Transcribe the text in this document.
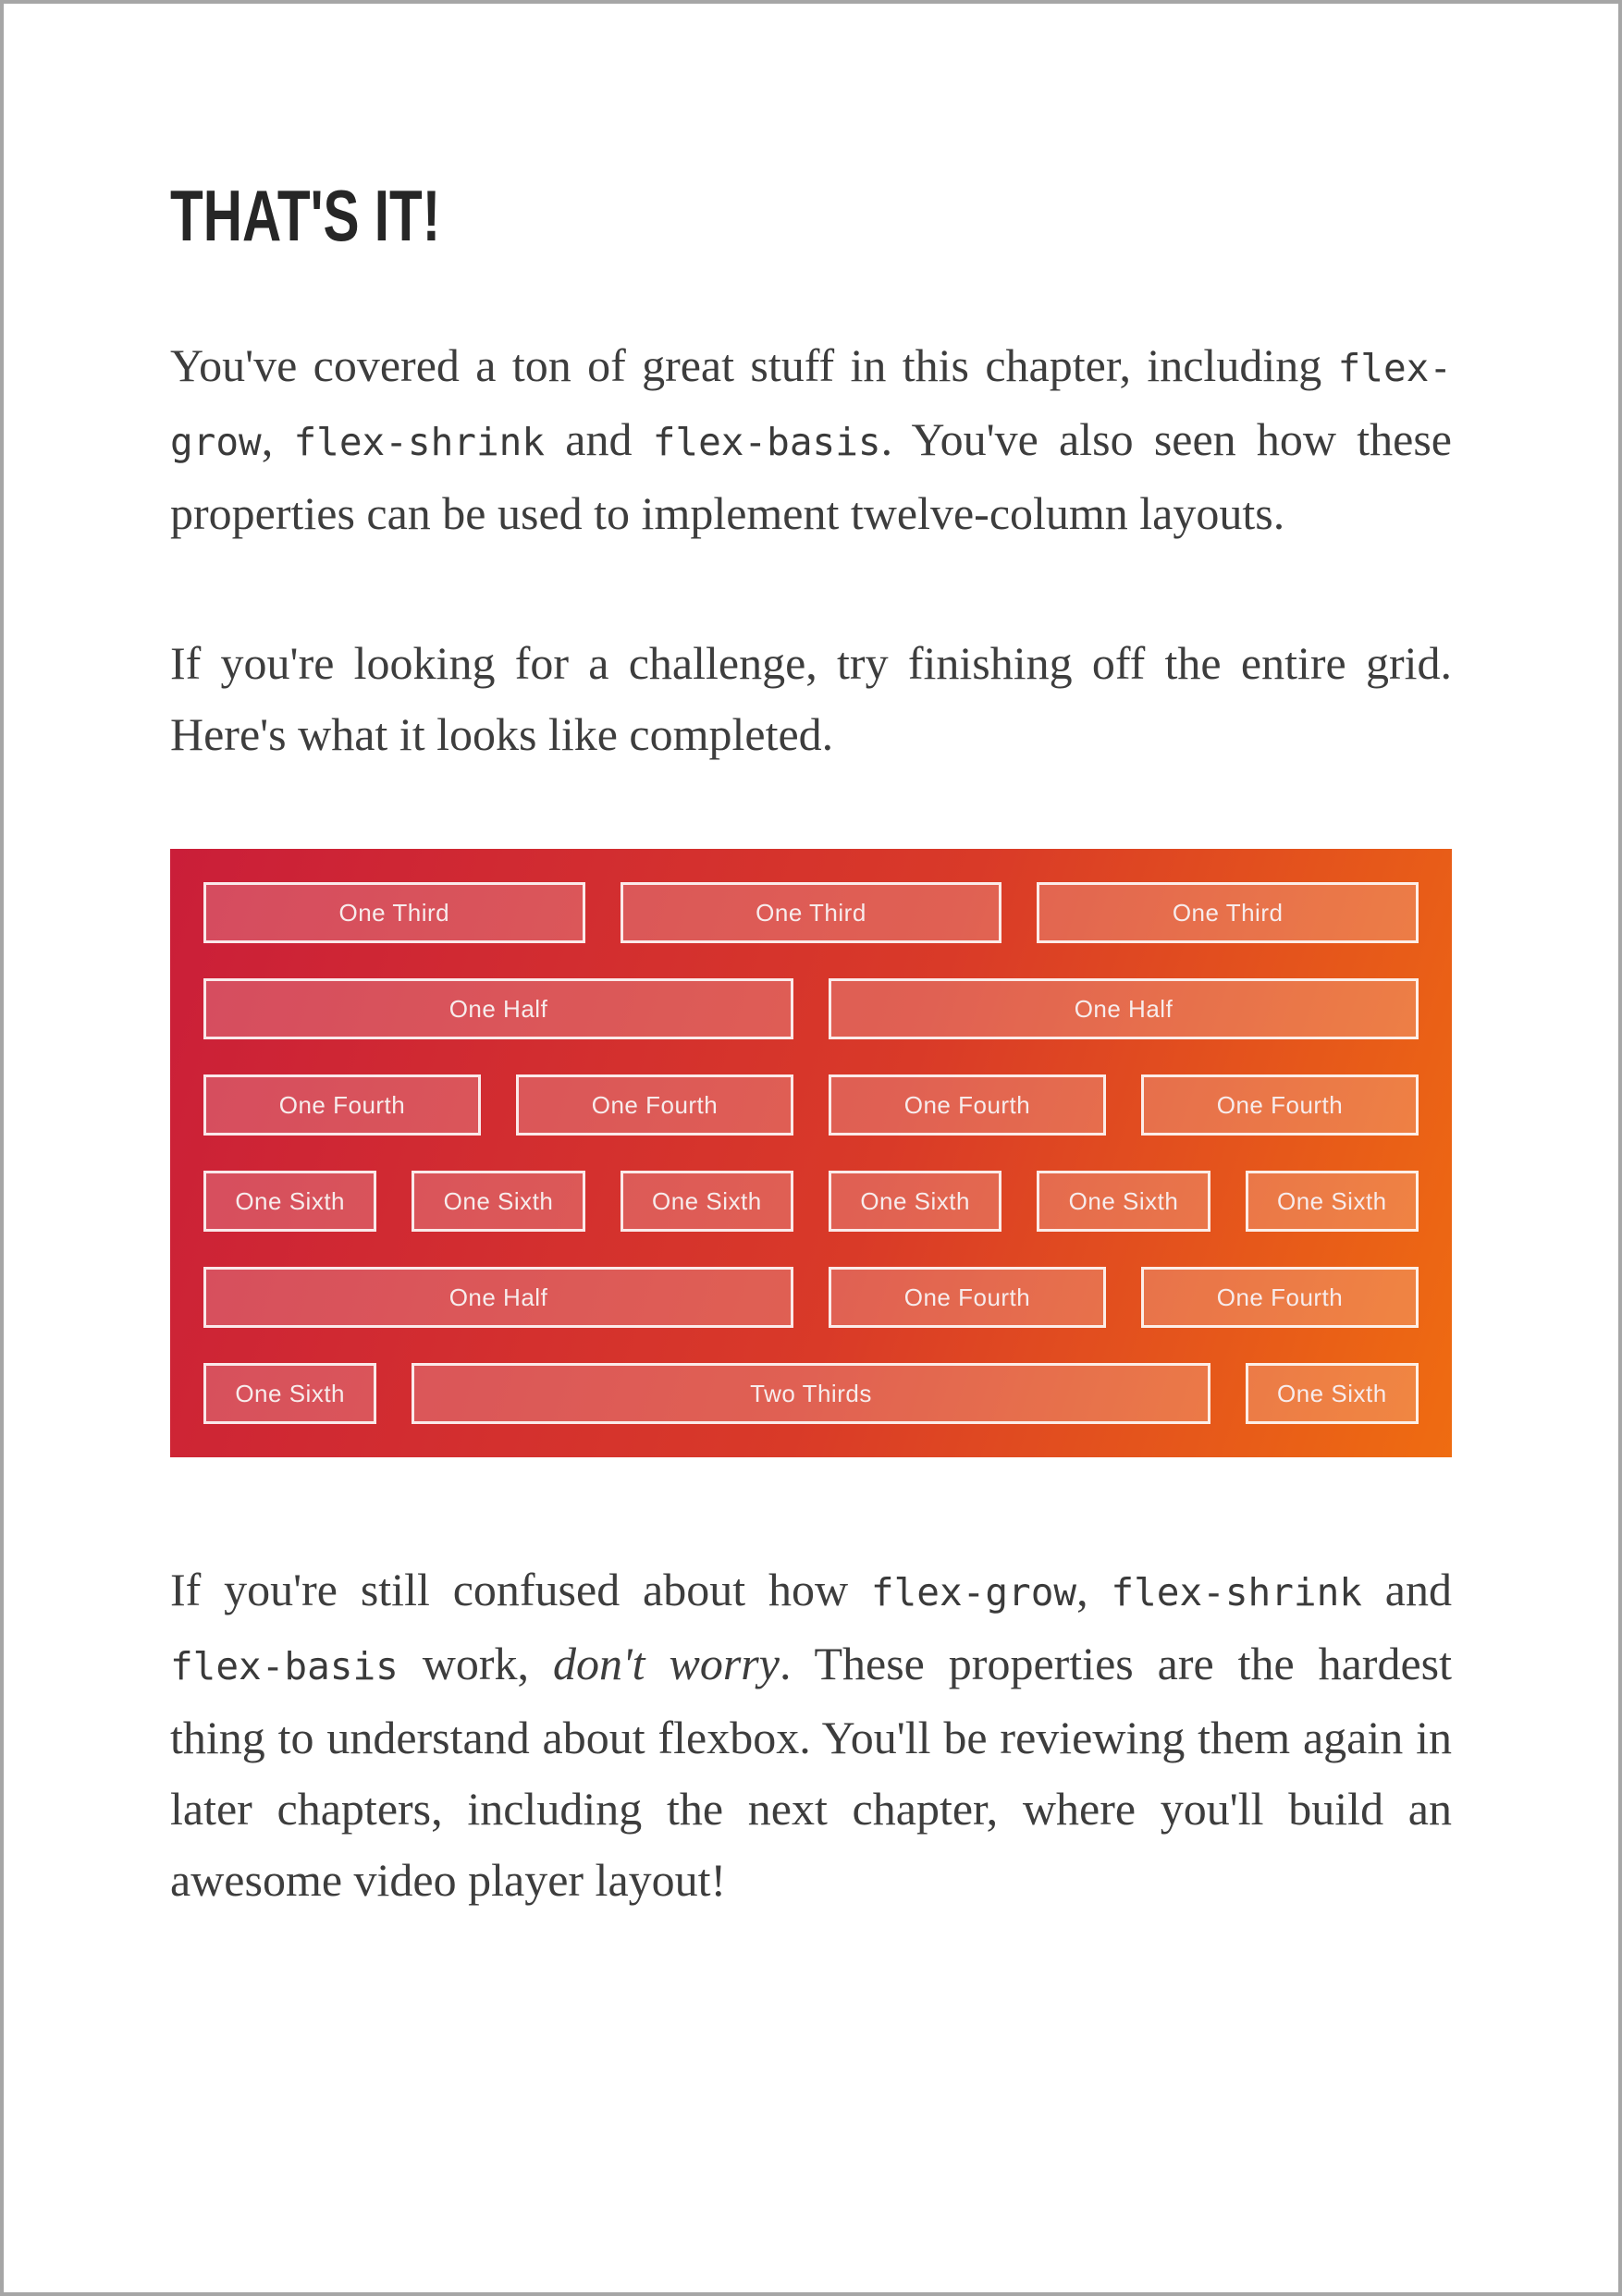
THAT'S IT!

You've covered a ton of great stuff in this chapter, including flex-grow, flex-shrink and flex-basis. You've also seen how these properties can be used to implement twelve-column layouts.

If you're looking for a challenge, try finishing off the entire grid. Here's what it looks like completed.

One Third	One Third	One Third
One Half	One Half
One Fourth	One Fourth	One Fourth	One Fourth
One Sixth	One Sixth	One Sixth	One Sixth	One Sixth	One Sixth
One Half	One Fourth	One Fourth
One Sixth	Two Thirds	One Sixth

If you're still confused about how flex-grow, flex-shrink and flex-basis work, don't worry. These properties are the hardest thing to understand about flexbox. You'll be reviewing them again in later chapters, including the next chapter, where you'll build an awesome video player layout!
